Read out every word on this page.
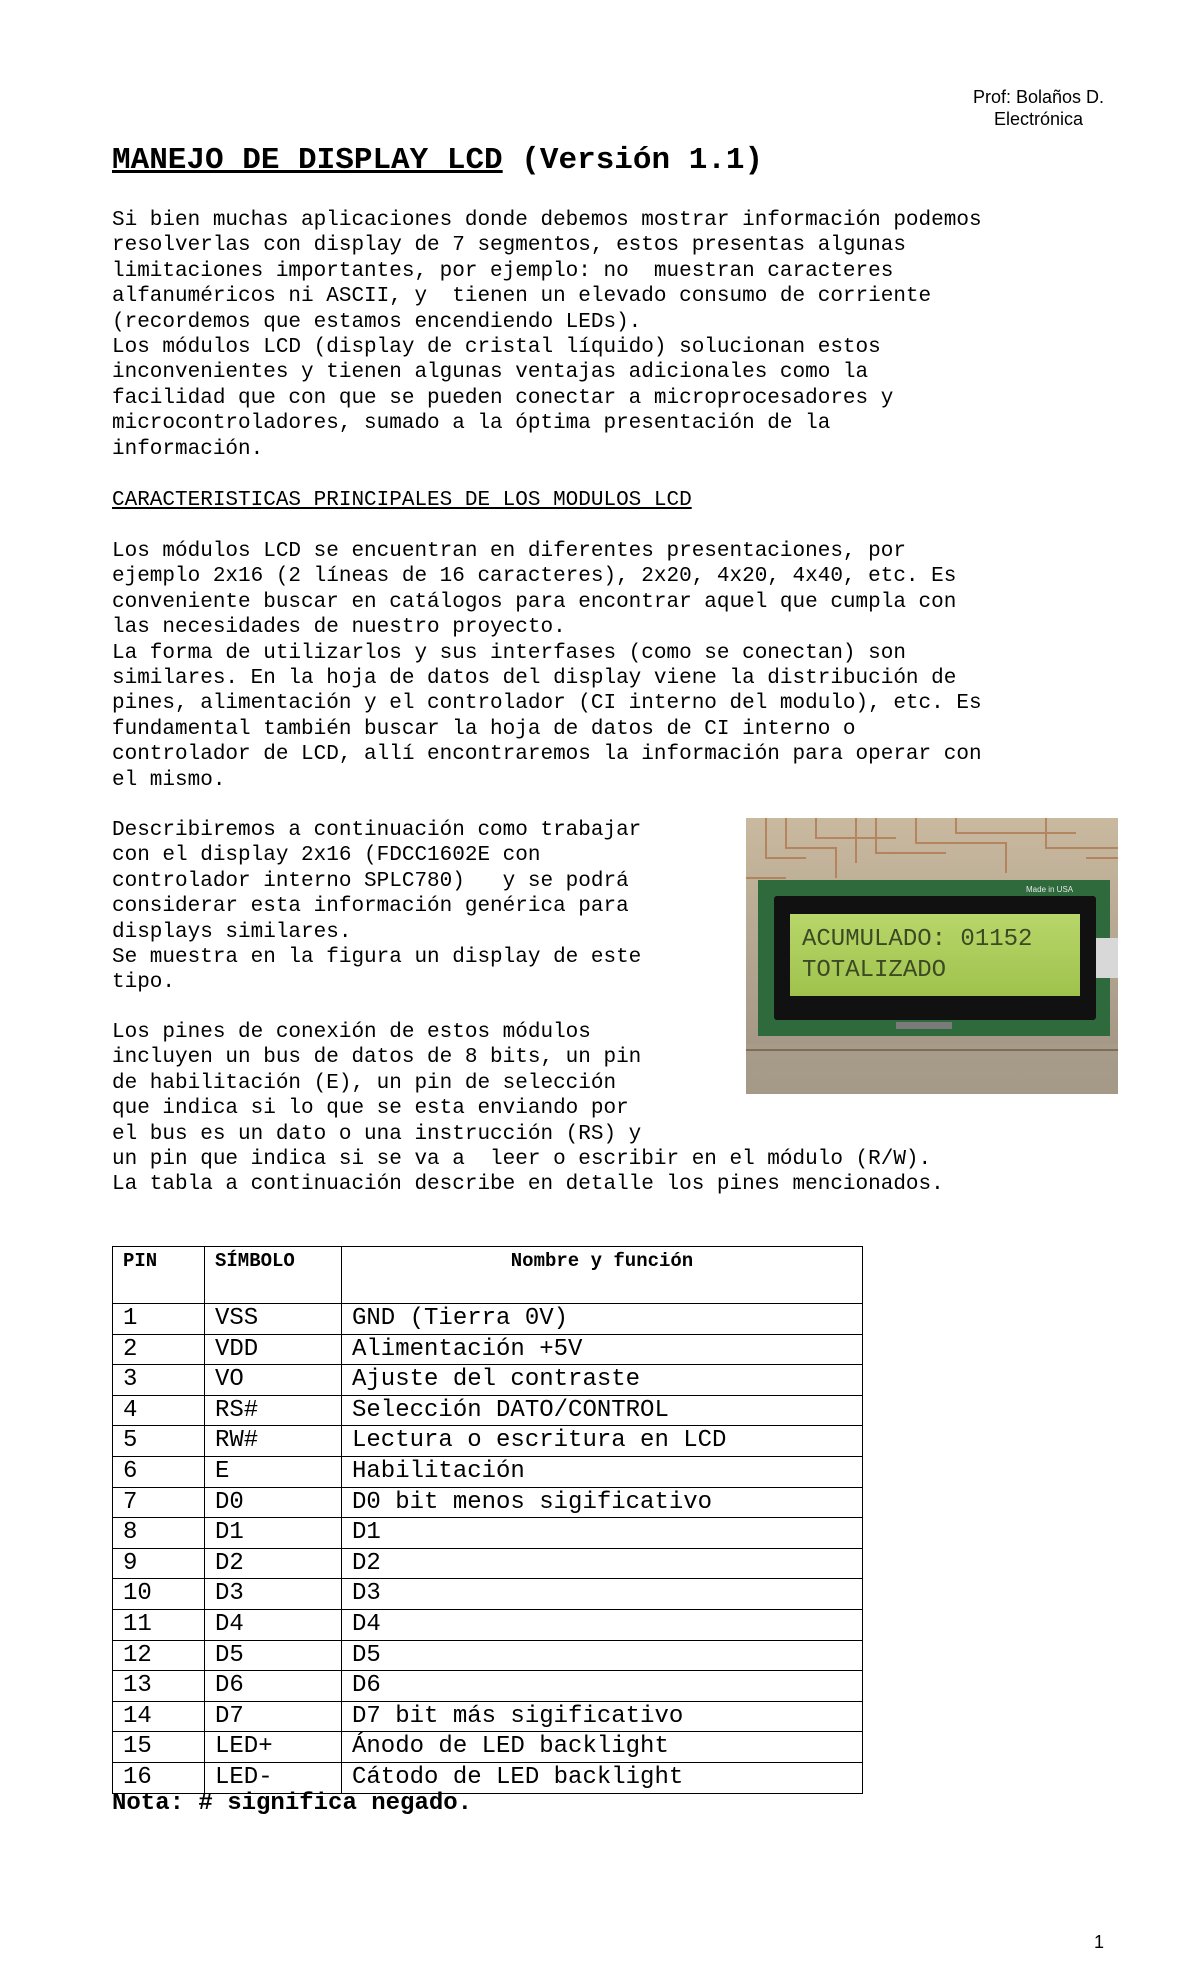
Prof: Bolaños D.
Electrónica
MANEJO DE DISPLAY LCD (Versión 1.1)
Si bien muchas aplicaciones donde debemos mostrar información podemos
resolverlas con display de 7 segmentos, estos presentas algunas
limitaciones importantes, por ejemplo: no  muestran caracteres
alfanuméricos ni ASCII, y  tienen un elevado consumo de corriente
(recordemos que estamos encendiendo LEDs).
Los módulos LCD (display de cristal líquido) solucionan estos
inconvenientes y tienen algunas ventajas adicionales como la
facilidad que con que se pueden conectar a microprocesadores y
microcontroladores, sumado a la óptima presentación de la
información.
CARACTERISTICAS PRINCIPALES DE LOS MODULOS LCD
Los módulos LCD se encuentran en diferentes presentaciones, por
ejemplo 2x16 (2 líneas de 16 caracteres), 2x20, 4x20, 4x40, etc. Es
conveniente buscar en catálogos para encontrar aquel que cumpla con
las necesidades de nuestro proyecto.
La forma de utilizarlos y sus interfases (como se conectan) son
similares. En la hoja de datos del display viene la distribución de
pines, alimentación y el controlador (CI interno del modulo), etc. Es
fundamental también buscar la hoja de datos de CI interno o
controlador de LCD, allí encontraremos la información para operar con
el mismo.
Describiremos a continuación como trabajar
con el display 2x16 (FDCC1602E con
controlador interno SPLC780)   y se podrá
considerar esta información genérica para
displays similares.
Se muestra en la figura un display de este
tipo.
Los pines de conexión de estos módulos
incluyen un bus de datos de 8 bits, un pin
de habilitación (E), un pin de selección
que indica si lo que se esta enviando por
el bus es un dato o una instrucción (RS) y
un pin que indica si se va a  leer o escribir en el módulo (R/W).
La tabla a continuación describe en detalle los pines mencionados.
ACUMULADO: 01152
TOTALIZADO
Made in USA
PIN	SÍMBOLO	Nombre y función
1	VSS	GND (Tierra 0V)
2	VDD	Alimentación +5V
3	VO	Ajuste del contraste
4	RS#	Selección DATO/CONTROL
5	RW#	Lectura o escritura en LCD
6	E	Habilitación
7	D0	D0 bit menos sigificativo
8	D1	D1
9	D2	D2
10	D3	D3
11	D4	D4
12	D5	D5
13	D6	D6
14	D7	D7 bit más sigificativo
15	LED+	Ánodo de LED backlight
16	LED-	Cátodo de LED backlight
Nota: # significa negado.
1
